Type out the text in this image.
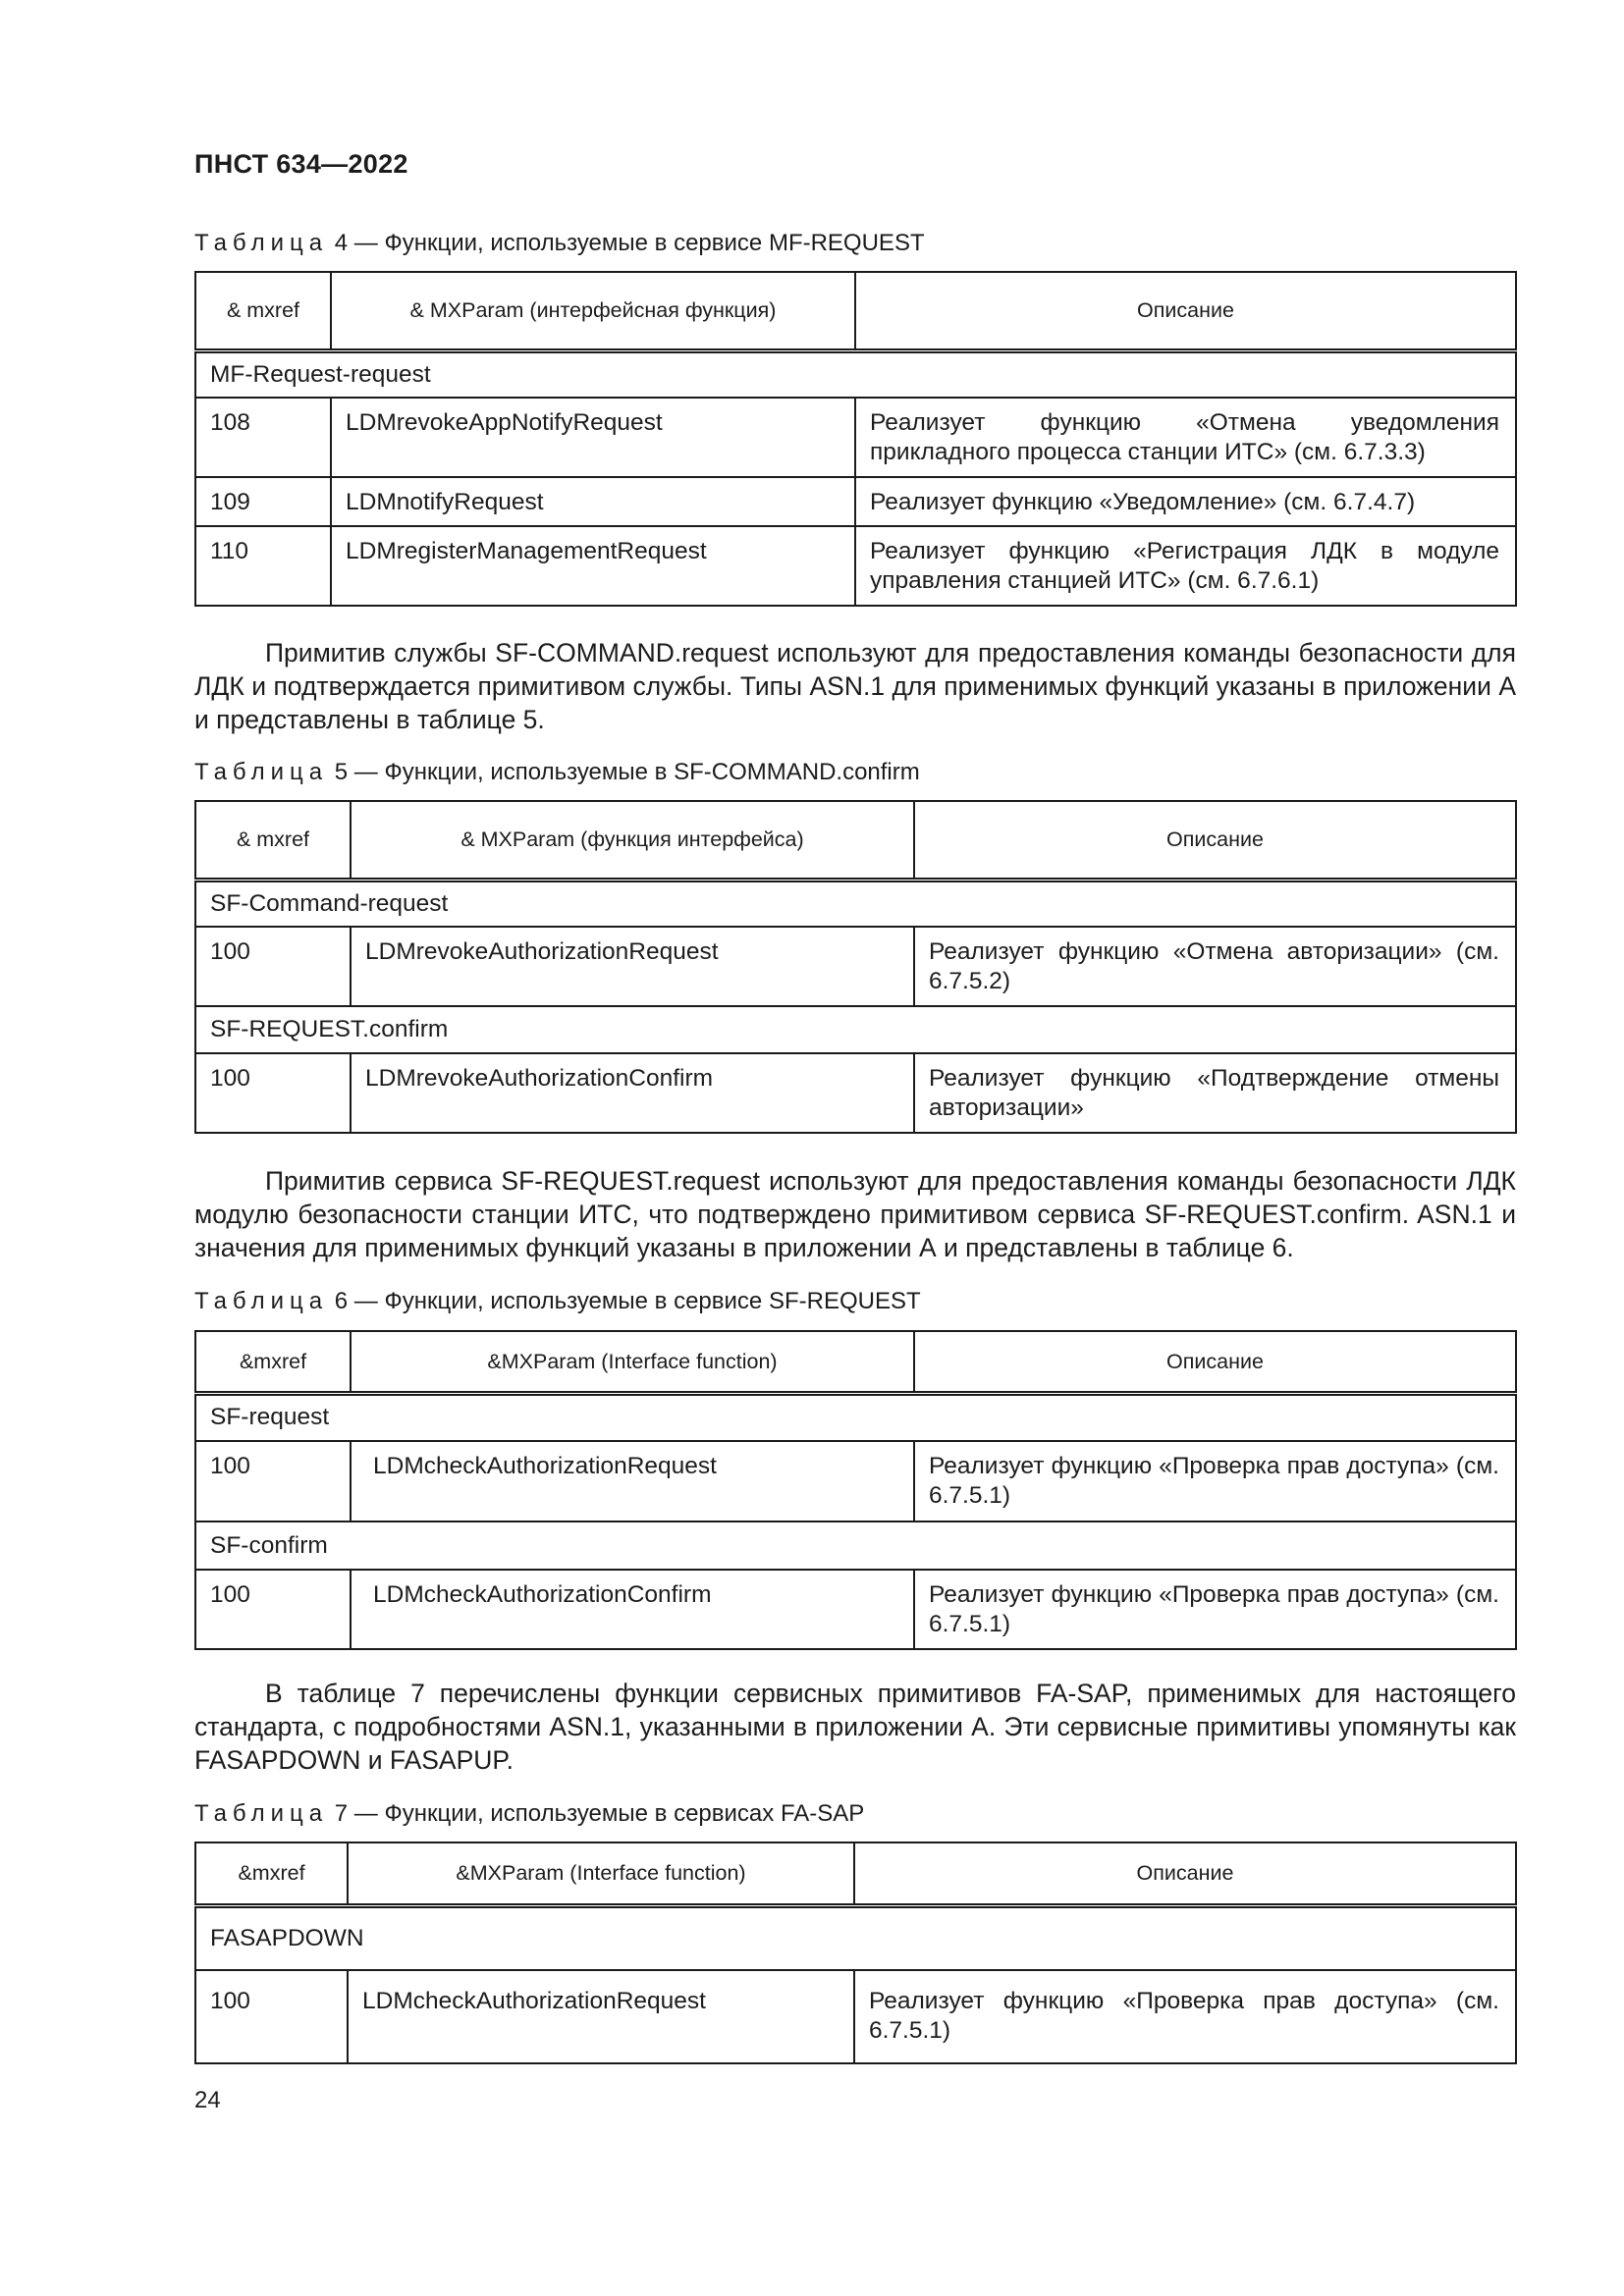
ПНСТ 634—2022
Таблица 4 — Функции, используемые в сервисе MF-REQUEST
& mxref	& MXParam (интерфейсная функция)	Описание
MF-Request-request		
108	LDMrevokeAppNotifyRequest	Реализует функцию «Отмена уведомления прикладного процесса станции ИТС» (см. 6.7.3.3)
109	LDMnotifyRequest	Реализует функцию «Уведомление» (см. 6.7.4.7)
110	LDMregisterManagementRequest	Реализует функцию «Регистрация ЛДК в модуле управления станцией ИТС» (см. 6.7.6.1)
Примитив службы SF-COMMAND.request используют для предоставления команды безопасности для ЛДК и подтверждается примитивом службы. Типы ASN.1 для применимых функций указаны в приложении А и представлены в таблице 5.
Таблица 5 — Функции, используемые в SF-COMMAND.confirm
& mxref	& MXParam (функция интерфейса)	Описание
SF-Command-request		
100	LDMrevokeAuthorizationRequest	Реализует функцию «Отмена авторизации» (см. 6.7.5.2)
SF-REQUEST.confirm		
100	LDMrevokeAuthorizationConfirm	Реализует функцию «Подтверждение отмены авторизации»
Примитив сервиса SF-REQUEST.request используют для предоставления команды безопасности ЛДК модулю безопасности станции ИТС, что подтверждено примитивом сервиса SF-REQUEST.confirm. ASN.1 и значения для применимых функций указаны в приложении А и представлены в таблице 6.
Таблица 6 — Функции, используемые в сервисе SF-REQUEST
&mxref	&MXParam (Interface function)	Описание
SF-request		
100	LDMcheckAuthorizationRequest	Реализует функцию «Проверка прав доступа» (см. 6.7.5.1)
SF-confirm		
100	LDMcheckAuthorizationConfirm	Реализует функцию «Проверка прав доступа» (см. 6.7.5.1)
В таблице 7 перечислены функции сервисных примитивов FA-SAP, применимых для настоящего стандарта, с подробностями ASN.1, указанными в приложении А. Эти сервисные примитивы упомянуты как FASAPDOWN и FASAPUP.
Таблица 7 — Функции, используемые в сервисах FA-SAP
&mxref	&MXParam (Interface function)	Описание
FASAPDOWN		
100	LDMcheckAuthorizationRequest	Реализует функцию «Проверка прав доступа» (см. 6.7.5.1)
24
